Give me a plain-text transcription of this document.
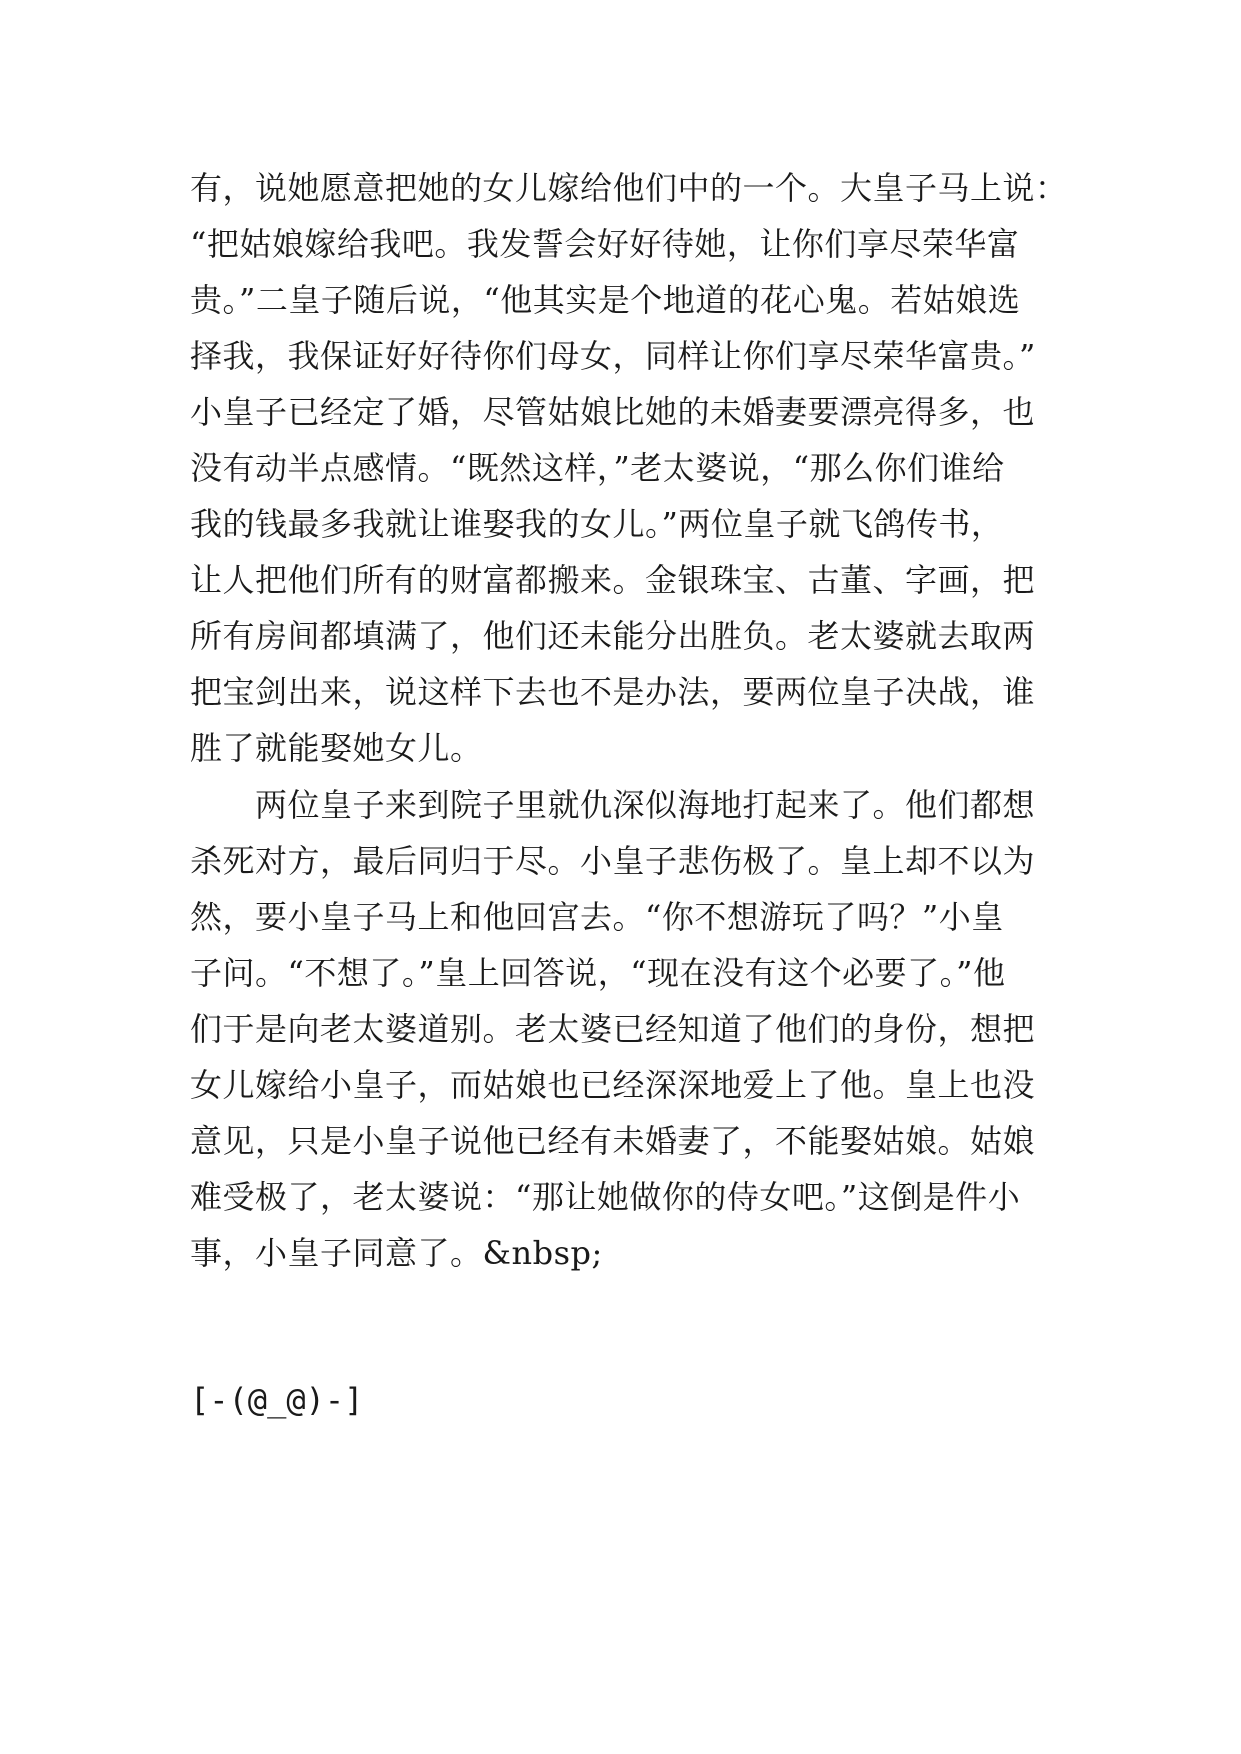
有，说她愿意把她的女儿嫁给他们中的一个。大皇子马上说：
“把姑娘嫁给我吧。我发誓会好好待她，让你们享尽荣华富
贵。”二皇子随后说，“他其实是个地道的花心鬼。若姑娘选
择我，我保证好好待你们母女，同样让你们享尽荣华富贵。”
小皇子已经定了婚，尽管姑娘比她的未婚妻要漂亮得多，也
没有动半点感情。“既然这样，”老太婆说，“那么你们谁给
我的钱最多我就让谁娶我的女儿。”两位皇子就飞鸽传书，
让人把他们所有的财富都搬来。金银珠宝、古董、字画，把
所有房间都填满了，他们还未能分出胜负。老太婆就去取两
把宝剑出来，说这样下去也不是办法，要两位皇子决战，谁
胜了就能娶她女儿。
　　两位皇子来到院子里就仇深似海地打起来了。他们都想
杀死对方，最后同归于尽。小皇子悲伤极了。皇上却不以为
然，要小皇子马上和他回宫去。“你不想游玩了吗？”小皇
子问。“不想了。”皇上回答说，“现在没有这个必要了。”他
们于是向老太婆道别。老太婆已经知道了他们的身份，想把
女儿嫁给小皇子，而姑娘也已经深深地爱上了他。皇上也没
意见，只是小皇子说他已经有未婚妻了，不能娶姑娘。姑娘
难受极了，老太婆说：“那让她做你的侍女吧。”这倒是件小
事，小皇子同意了。&nbsp;
[-(@_@)-]
